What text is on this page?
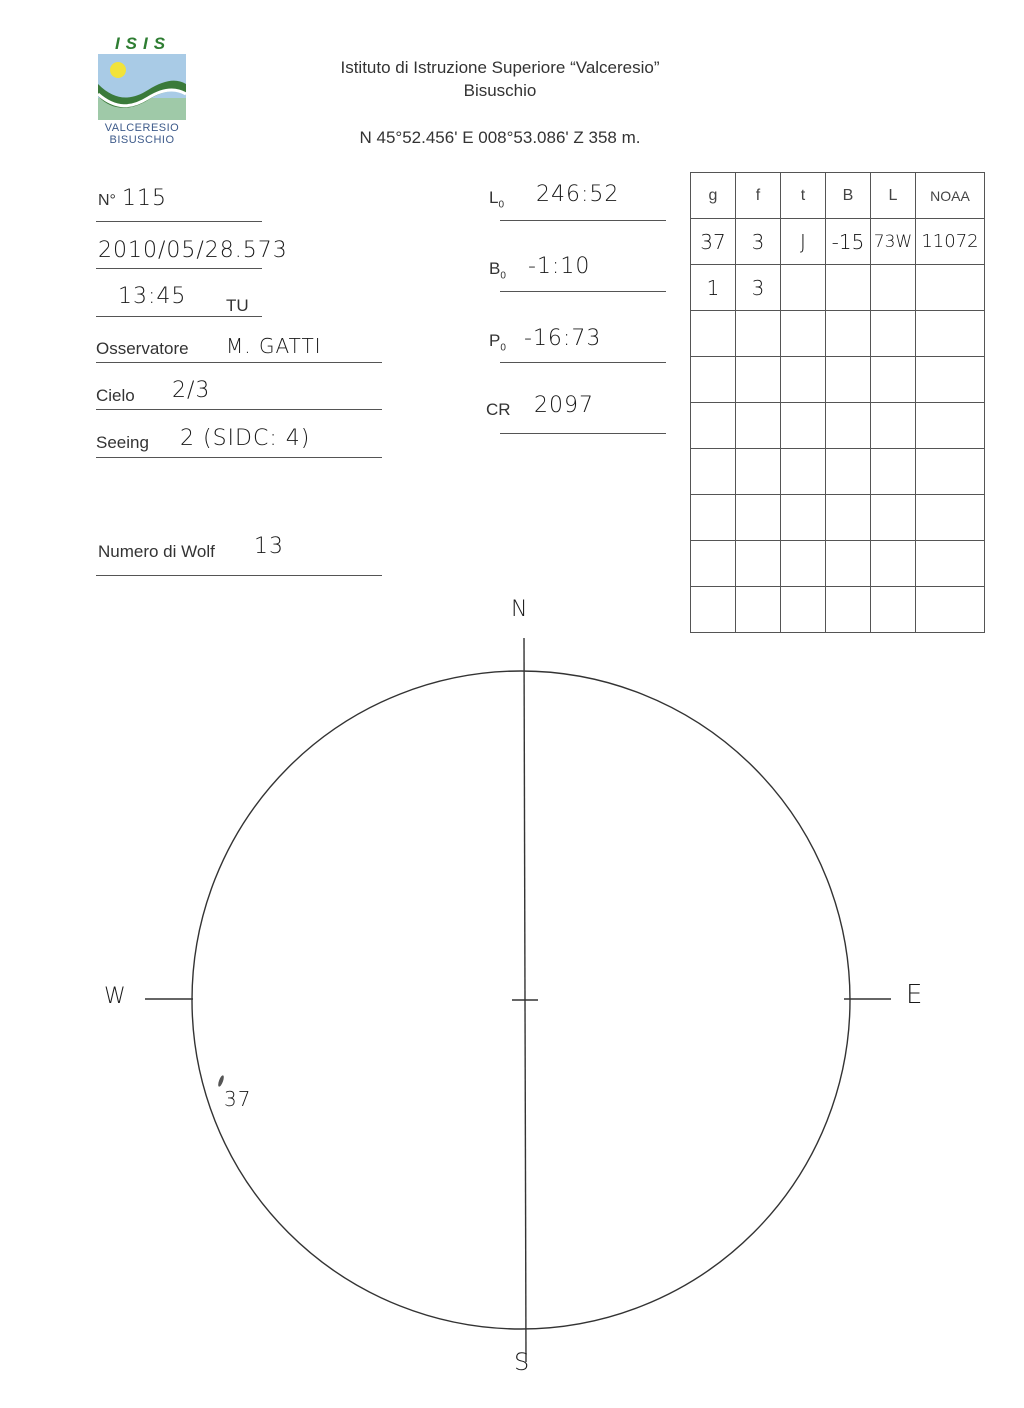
ISIS
VALCERESIO
BISUSCHIO
Istituto di Istruzione Superiore “Valceresio”
Bisuschio
N 45°52.456' E 008°53.086' Z 358 m.
N° 115
2010/05/28.573
13:45 TU
Osservatore M. GATTI
Cielo 2/3
Seeing 2 (SIDC: 4)
Numero di Wolf 13
$L_0$ 246:52
$B_0$ -1:10
$P_0$ -16:73
CR 2097
g	f	t	B	L	NOAA
37	3	J	-15	73W	11072
1	3				

N
S
E
W
37
